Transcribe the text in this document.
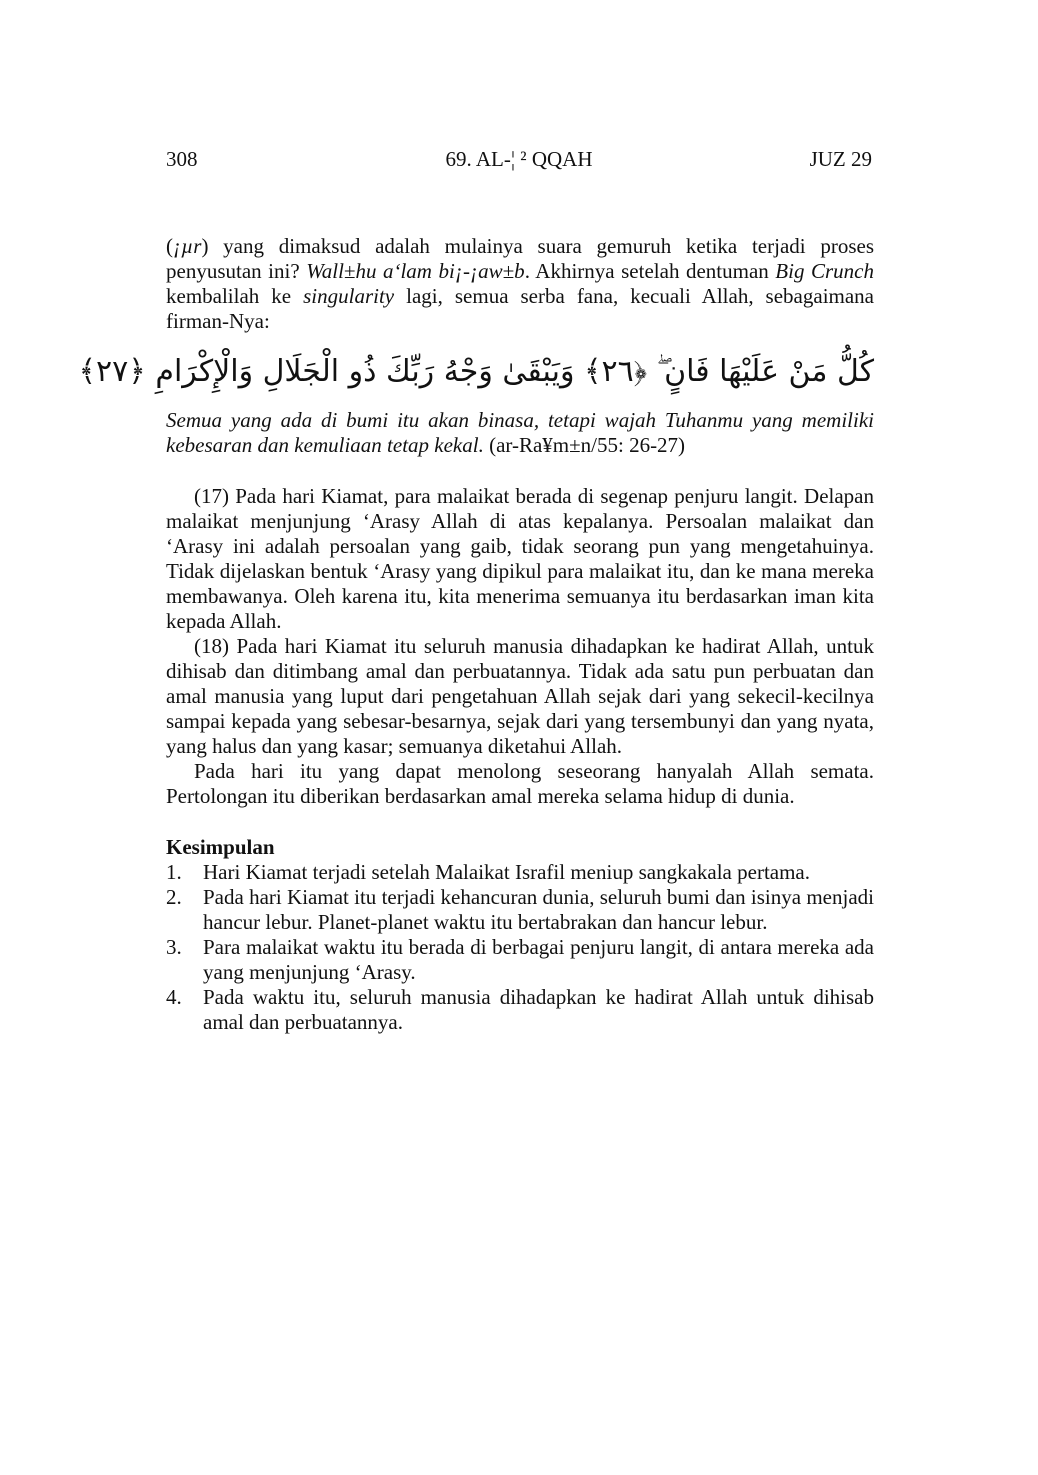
308	69. AL-¦ ² QQAH	JUZ 29

(¡µr) yang dimaksud adalah mulainya suara gemuruh ketika terjadi proses penyusutan ini? Wall±hu a‘lam bi¡-¡aw±b. Akhirnya setelah dentuman Big Crunch kembalilah ke singularity lagi, semua serba fana, kecuali Allah, sebagaimana firman-Nya:

كُلُّ مَنْ عَلَيْهَا فَانٍ ۖ ﴿٢٦﴾ وَيَبْقَىٰ وَجْهُ رَبِّكَ ذُو الْجَلَالِ وَالْإِكْرَامِ ﴿٢٧﴾

Semua yang ada di bumi itu akan binasa, tetapi wajah Tuhanmu yang memiliki kebesaran dan kemuliaan tetap kekal. (ar-Ra¥m±n/55: 26-27)

(17) Pada hari Kiamat, para malaikat berada di segenap penjuru langit. Delapan malaikat menjunjung ‘Arasy Allah di atas kepalanya. Persoalan malaikat dan ‘Arasy ini adalah persoalan yang gaib, tidak seorang pun yang mengetahuinya. Tidak dijelaskan bentuk ‘Arasy yang dipikul para malaikat itu, dan ke mana mereka membawanya. Oleh karena itu, kita menerima semuanya itu berdasarkan iman kita kepada Allah.

(18) Pada hari Kiamat itu seluruh manusia dihadapkan ke hadirat Allah, untuk dihisab dan ditimbang amal dan perbuatannya. Tidak ada satu pun perbuatan dan amal manusia yang luput dari pengetahuan Allah sejak dari yang sekecil-kecilnya sampai kepada yang sebesar-besarnya, sejak dari yang tersembunyi dan yang nyata, yang halus dan yang kasar; semuanya diketahui Allah.

Pada hari itu yang dapat menolong seseorang hanyalah Allah semata. Pertolongan itu diberikan berdasarkan amal mereka selama hidup di dunia.

Kesimpulan
1. Hari Kiamat terjadi setelah Malaikat Israfil meniup sangkakala pertama.
2. Pada hari Kiamat itu terjadi kehancuran dunia, seluruh bumi dan isinya menjadi hancur lebur. Planet-planet waktu itu bertabrakan dan hancur lebur.
3. Para malaikat waktu itu berada di berbagai penjuru langit, di antara mereka ada yang menjunjung ‘Arasy.
4. Pada waktu itu, seluruh manusia dihadapkan ke hadirat Allah untuk dihisab amal dan perbuatannya.
